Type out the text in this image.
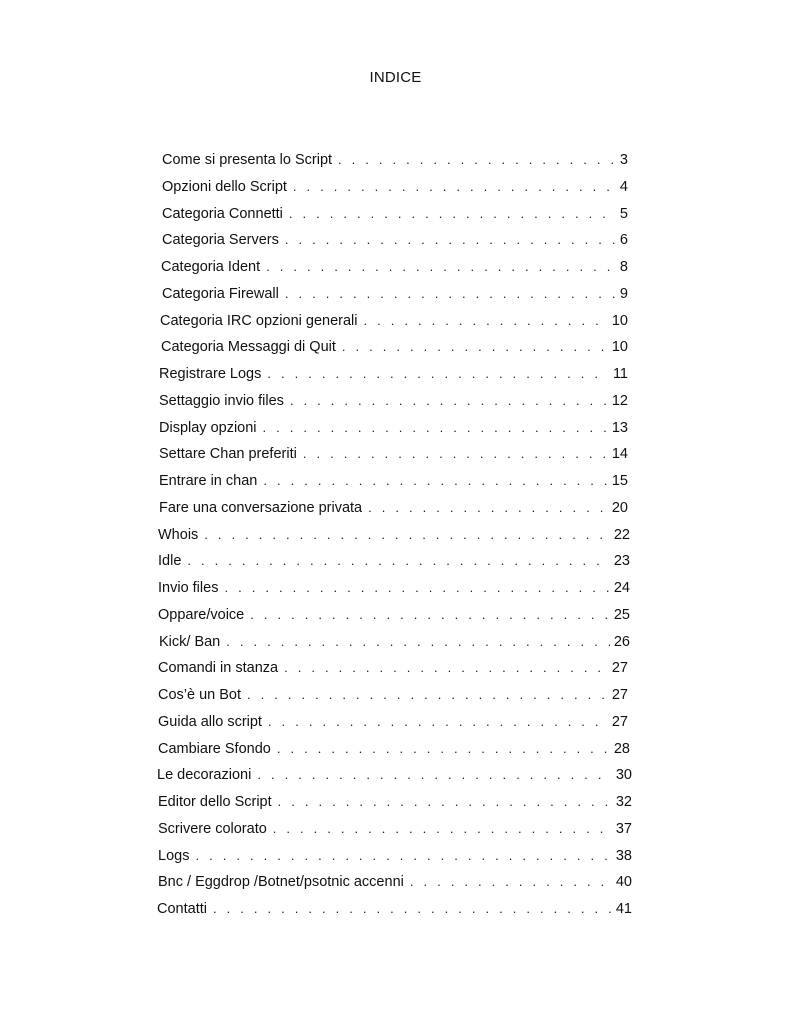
INDICE
Come si presenta lo Script . . .	3
Opzioni dello Script . . .	4
Categoria Connetti . . .	5
Categoria Servers . . .	6
Categoria Ident . . .	8
Categoria Firewall . . .	9
Categoria IRC opzioni generali . . .	10
Categoria Messaggi di Quit . . .	10
Registrare Logs . . .	11
Settaggio invio files . . .	12
Display opzioni . . .	13
Settare Chan preferiti . . .	14
Entrare in chan . . .	15
Fare una conversazione privata . . .	20
Whois . . .	22
Idle . . .	23
Invio files . . .	24
Oppare/voice . . .	25
Kick/ Ban . . .	26
Comandi in stanza . . .	27
Cos’è un Bot . . .	27
Guida allo script . . .	27
Cambiare Sfondo . . .	28
Le decorazioni . . .	30
Editor dello Script . . .	32
Scrivere colorato . . .	37
Logs . . .	38
Bnc / Eggdrop /Botnet/psotnic accenni . . .	40
Contatti . . .	41
